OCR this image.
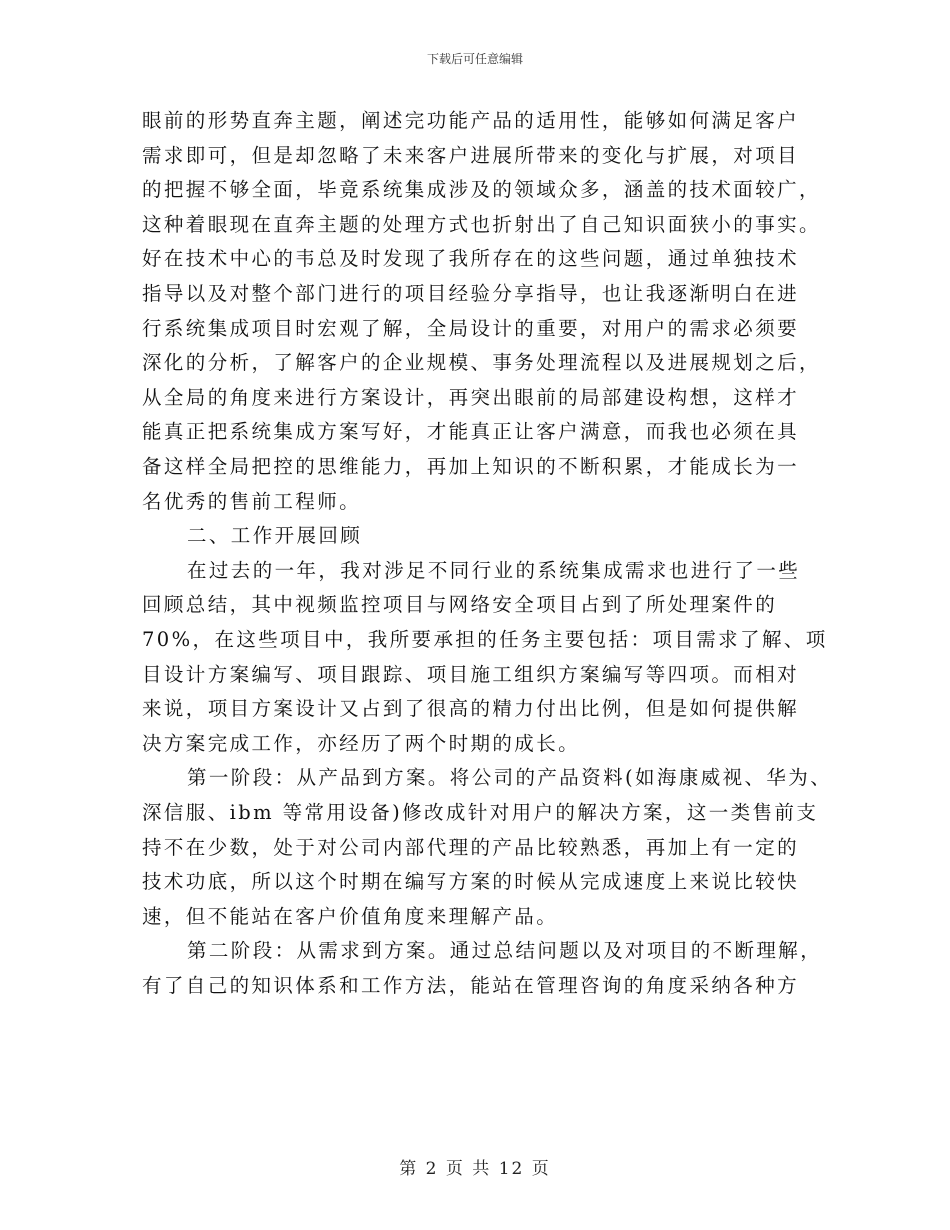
下载后可任意编辑
眼前的形势直奔主题，阐述完功能产品的适用性，能够如何满足客户
需求即可，但是却忽略了未来客户进展所带来的变化与扩展，对项目
的把握不够全面，毕竟系统集成涉及的领域众多，涵盖的技术面较广，
这种着眼现在直奔主题的处理方式也折射出了自己知识面狭小的事实。
好在技术中心的韦总及时发现了我所存在的这些问题，通过单独技术
指导以及对整个部门进行的项目经验分享指导，也让我逐渐明白在进
行系统集成项目时宏观了解，全局设计的重要，对用户的需求必须要
深化的分析，了解客户的企业规模、事务处理流程以及进展规划之后，
从全局的角度来进行方案设计，再突出眼前的局部建设构想，这样才
能真正把系统集成方案写好，才能真正让客户满意，而我也必须在具
备这样全局把控的思维能力，再加上知识的不断积累，才能成长为一
名优秀的售前工程师。
二、工作开展回顾
在过去的一年，我对涉足不同行业的系统集成需求也进行了一些
回顾总结，其中视频监控项目与网络安全项目占到了所处理案件的
70%，在这些项目中，我所要承担的任务主要包括：项目需求了解、项
目设计方案编写、项目跟踪、项目施工组织方案编写等四项。而相对
来说，项目方案设计又占到了很高的精力付出比例，但是如何提供解
决方案完成工作，亦经历了两个时期的成长。
第一阶段：从产品到方案。将公司的产品资料(如海康威视、华为、
深信服、ibm 等常用设备)修改成针对用户的解决方案，这一类售前支
持不在少数，处于对公司内部代理的产品比较熟悉，再加上有一定的
技术功底，所以这个时期在编写方案的时候从完成速度上来说比较快
速，但不能站在客户价值角度来理解产品。
第二阶段：从需求到方案。通过总结问题以及对项目的不断理解，
有了自己的知识体系和工作方法，能站在管理咨询的角度采纳各种方
第 2 页 共 12 页
